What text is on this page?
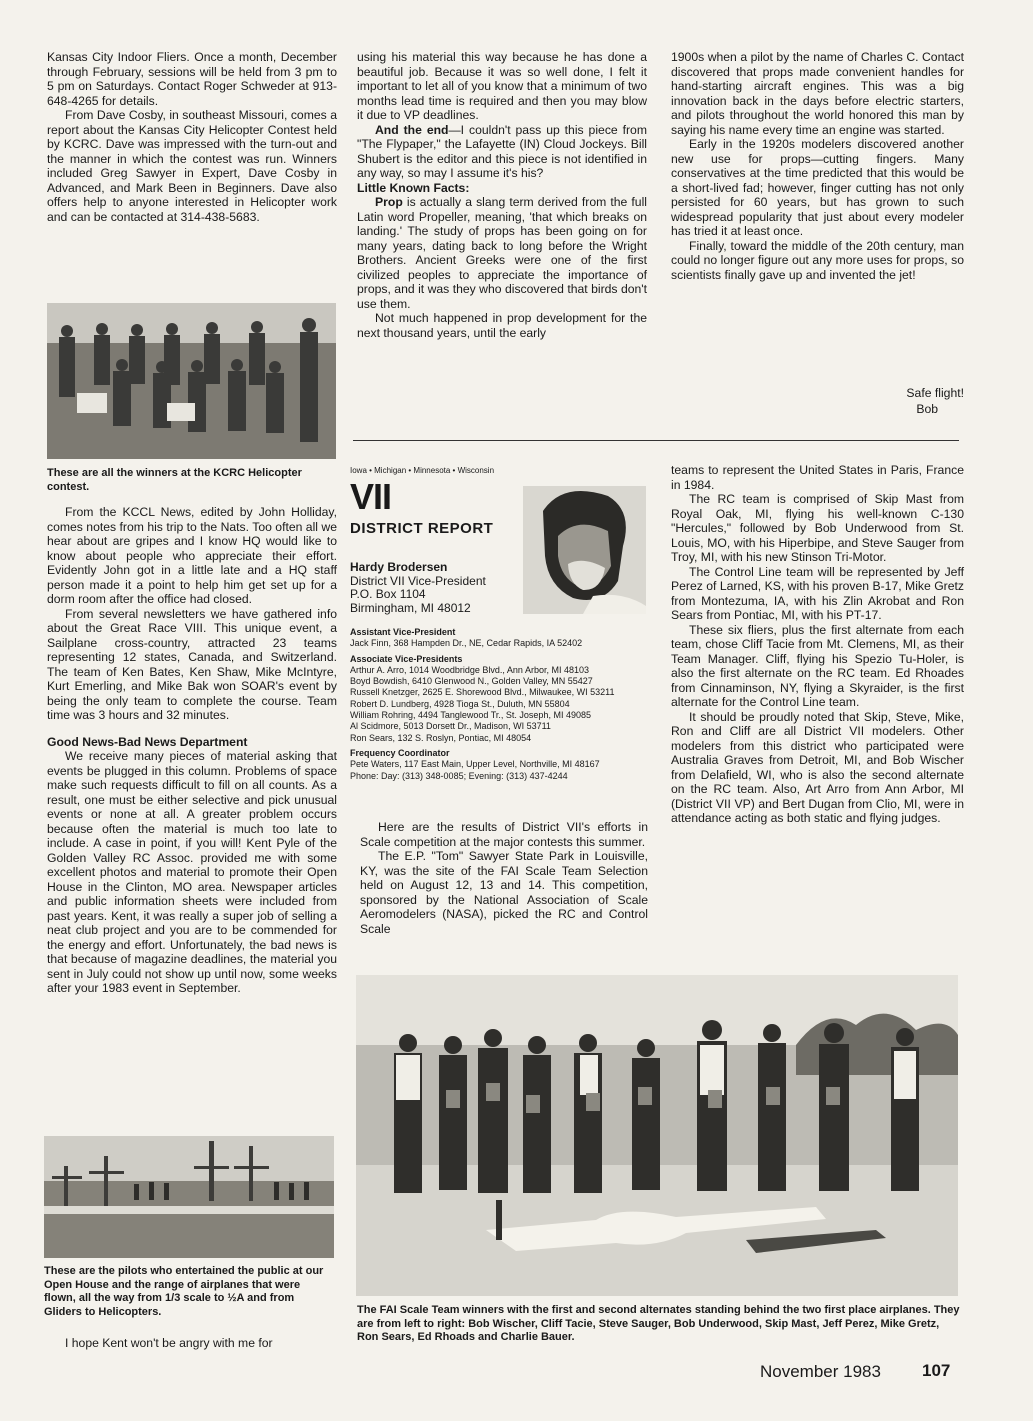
Kansas City Indoor Fliers. Once a month, December through February, sessions will be held from 3 pm to 5 pm on Saturdays. Contact Roger Schweder at 913-648-4265 for details.

From Dave Cosby, in southeast Missouri, comes a report about the Kansas City Helicopter Contest held by KCRC. Dave was impressed with the turn-out and the manner in which the contest was run. Winners included Greg Sawyer in Expert, Dave Cosby in Advanced, and Mark Been in Beginners. Dave also offers help to anyone interested in Helicopter work and can be contacted at 314-438-5683.

These are all the winners at the KCRC Helicopter contest.

From the KCCL News, edited by John Holliday, comes notes from his trip to the Nats. Too often all we hear about are gripes and I know HQ would like to know about people who appreciate their effort. Evidently John got in a little late and a HQ staff person made it a point to help him get set up for a dorm room after the office had closed.

From several newsletters we have gathered info about the Great Race VIII. This unique event, a Sailplane cross-country, attracted 23 teams representing 12 states, Canada, and Switzerland. The team of Ken Bates, Ken Shaw, Mike McIntyre, Kurt Emerling, and Mike Bak won SOAR's event by being the only team to complete the course. Team time was 3 hours and 32 minutes.

Good News-Bad News Department

We receive many pieces of material asking that events be plugged in this column. Problems of space make such requests difficult to fill on all counts. As a result, one must be either selective and pick unusual events or none at all. A greater problem occurs because often the material is much too late to include. A case in point, if you will! Kent Pyle of the Golden Valley RC Assoc. provided me with some excellent photos and material to promote their Open House in the Clinton, MO area. Newspaper articles and public information sheets were included from past years. Kent, it was really a super job of selling a neat club project and you are to be commended for the energy and effort. Unfortunately, the bad news is that because of magazine deadlines, the material you sent in July could not show up until now, some weeks after your 1983 event in September.

These are the pilots who entertained the public at our Open House and the range of airplanes that were flown, all the way from 1/3 scale to ½A and from Gliders to Helicopters.

I hope Kent won't be angry with me for

using his material this way because he has done a beautiful job. Because it was so well done, I felt it important to let all of you know that a minimum of two months lead time is required and then you may blow it due to VP deadlines.

And the end—I couldn't pass up this piece from "The Flypaper," the Lafayette (IN) Cloud Jockeys. Bill Shubert is the editor and this piece is not identified in any way, so may I assume it's his?

Little Known Facts:

Prop is actually a slang term derived from the full Latin word Propeller, meaning, 'that which breaks on landing.' The study of props has been going on for many years, dating back to long before the Wright Brothers. Ancient Greeks were one of the first civilized peoples to appreciate the importance of props, and it was they who discovered that birds don't use them.

Not much happened in prop development for the next thousand years, until the early

1900s when a pilot by the name of Charles C. Contact discovered that props made convenient handles for hand-starting aircraft engines. This was a big innovation back in the days before electric starters, and pilots throughout the world honored this man by saying his name every time an engine was started.

Early in the 1920s modelers discovered another new use for props—cutting fingers. Many conservatives at the time predicted that this would be a short-lived fad; however, finger cutting has not only persisted for 60 years, but has grown to such widespread popularity that just about every modeler has tried it at least once.

Finally, toward the middle of the 20th century, man could no longer figure out any more uses for props, so scientists finally gave up and invented the jet!

Safe flight!
Bob
Iowa • Michigan • Minnesota • Wisconsin
VII
DISTRICT REPORT
Hardy Brodersen
District VII Vice-President
P.O. Box 1104
Birmingham, MI 48012
Assistant Vice-President
Jack Finn, 368 Hampden Dr., NE, Cedar Rapids, IA 52402
Associate Vice-Presidents
Arthur A. Arro, 1014 Woodbridge Blvd., Ann Arbor, MI 48103
Boyd Bowdish, 6410 Glenwood N., Golden Valley, MN 55427
Russell Knetzger, 2625 E. Shorewood Blvd., Milwaukee, WI 53211
Robert D. Lundberg, 4928 Tioga St., Duluth, MN 55804
William Rohring, 4494 Tanglewood Tr., St. Joseph, MI 49085
Al Scidmore, 5013 Dorsett Dr., Madison, WI 53711
Ron Sears, 132 S. Roslyn, Pontiac, MI 48054
Frequency Coordinator
Pete Waters, 117 East Main, Upper Level, Northville, MI 48167
Phone: Day: (313) 348-0085; Evening: (313) 437-4244

Here are the results of District VII's efforts in Scale competition at the major contests this summer.

The E.P. "Tom" Sawyer State Park in Louisville, KY, was the site of the FAI Scale Team Selection held on August 12, 13 and 14. This competition, sponsored by the National Association of Scale Aeromodelers (NASA), picked the RC and Control Scale

teams to represent the United States in Paris, France in 1984.

The RC team is comprised of Skip Mast from Royal Oak, MI, flying his well-known C-130 "Hercules," followed by Bob Underwood from St. Louis, MO, with his Hiperbipe, and Steve Sauger from Troy, MI, with his new Stinson Tri-Motor.

The Control Line team will be represented by Jeff Perez of Larned, KS, with his proven B-17, Mike Gretz from Montezuma, IA, with his Zlin Akrobat and Ron Sears from Pontiac, MI, with his PT-17.

These six fliers, plus the first alternate from each team, chose Cliff Tacie from Mt. Clemens, MI, as their Team Manager. Cliff, flying his Spezio Tu-Holer, is also the first alternate on the RC team. Ed Rhoades from Cinnaminson, NY, flying a Skyraider, is the first alternate for the Control Line team.

It should be proudly noted that Skip, Steve, Mike, Ron and Cliff are all District VII modelers. Other modelers from this district who participated were Australia Graves from Detroit, MI, and Bob Wischer from Delafield, WI, who is also the second alternate on the RC team. Also, Art Arro from Ann Arbor, MI (District VII VP) and Bert Dugan from Clio, MI, were in attendance acting as both static and flying judges.

The FAI Scale Team winners with the first and second alternates standing behind the two first place airplanes. They are from left to right: Bob Wischer, Cliff Tacie, Steve Sauger, Bob Underwood, Skip Mast, Jeff Perez, Mike Gretz, Ron Sears, Ed Rhoads and Charlie Bauer.
November 1983 107
